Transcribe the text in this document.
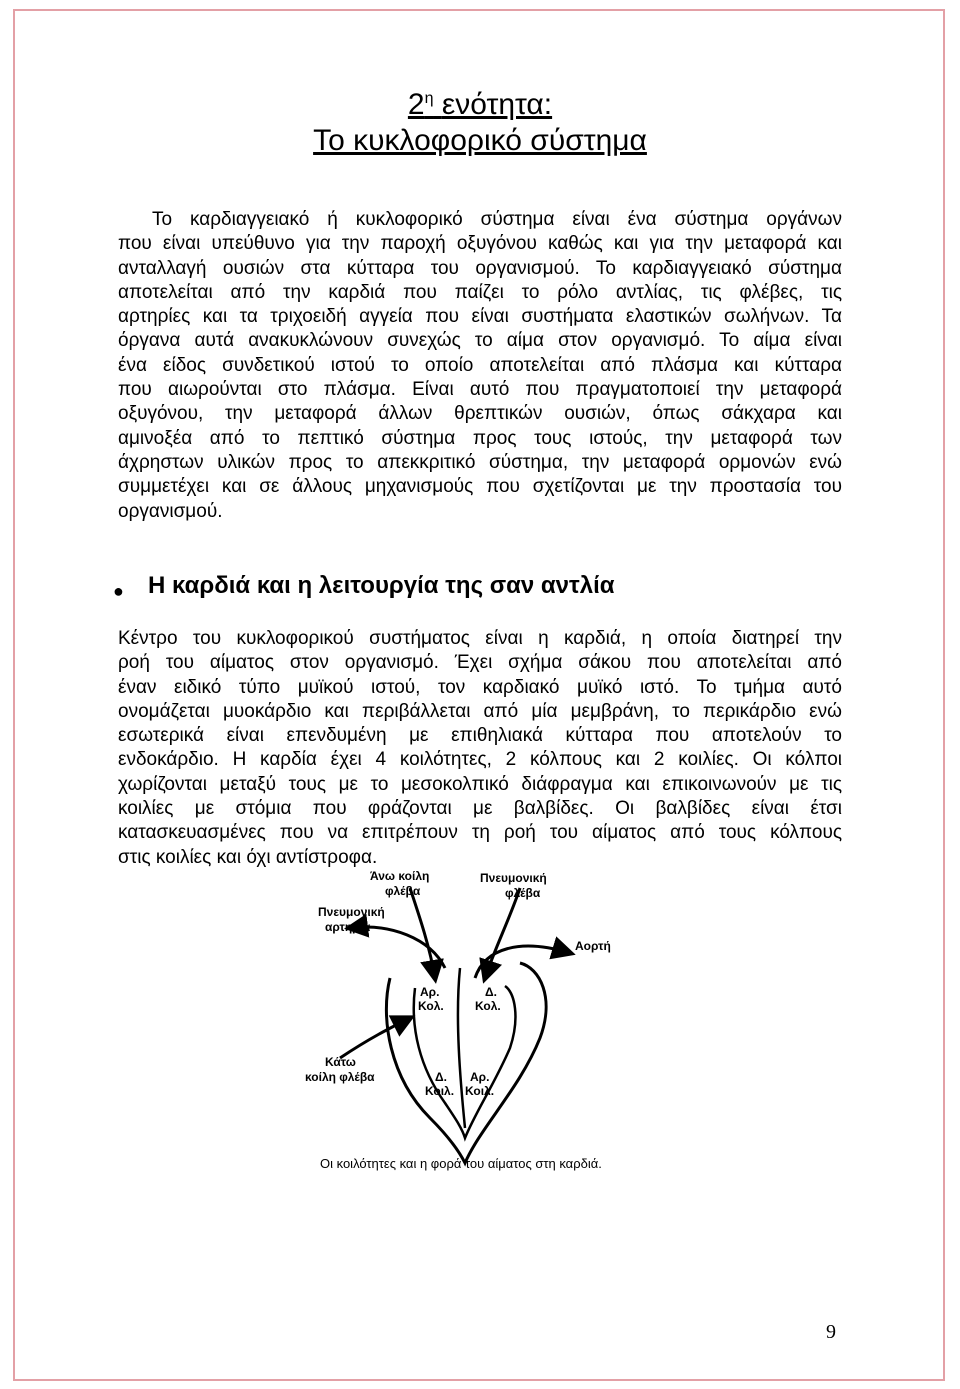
$2^\eta$ ενότητα:
Το κυκλοφορικό σύστημα
Το καρδιαγγειακό ή κυκλοφορικό σύστημα είναι ένα σύστημα οργάνων
που είναι υπεύθυνο για την παροχή οξυγόνου καθώς και για την μεταφορά και
ανταλλαγή ουσιών στα κύτταρα του οργανισμού. Το καρδιαγγειακό σύστημα
αποτελείται από την καρδιά που παίζει το ρόλο αντλίας, τις φλέβες, τις
αρτηρίες και τα τριχοειδή αγγεία που είναι συστήματα ελαστικών σωλήνων. Τα
όργανα αυτά ανακυκλώνουν συνεχώς το αίμα στον οργανισμό. Το αίμα είναι
ένα είδος συνδετικού ιστού το οποίο αποτελείται από πλάσμα και κύτταρα
που αιωρούνται στο πλάσμα. Είναι αυτό που πραγματοποιεί την μεταφορά
οξυγόνου, την μεταφορά άλλων θρεπτικών ουσιών, όπως σάκχαρα και
αμινοξέα από το πεπτικό σύστημα προς τους ιστούς, την μεταφορά των
άχρηστων υλικών προς το απεκκριτικό σύστημα, την μεταφορά ορμονών ενώ
συμμετέχει και σε άλλους μηχανισμούς που σχετίζονται με την προστασία του
οργανισμού.
● Η καρδιά και η λειτουργία της σαν αντλία
Κέντρο του κυκλοφορικού συστήματος είναι η καρδιά, η οποία διατηρεί την
ροή του αίματος στον οργανισμό. Έχει σχήμα σάκου που αποτελείται από
έναν ειδικό τύπο μυϊκού ιστού, τον καρδιακό μυϊκό ιστό. Το τμήμα αυτό
ονομάζεται μυοκάρδιο και περιβάλλεται από μία μεμβράνη, το περικάρδιο ενώ
εσωτερικά είναι επενδυμένη με επιθηλιακά κύτταρα που αποτελούν το
ενδοκάρδιο. Η καρδία έχει 4 κοιλότητες, 2 κόλπους και 2 κοιλίες. Οι κόλποι
χωρίζονται μεταξύ τους με το μεσοκολπικό διάφραγμα και επικοινωνούν με τις
κοιλίες με στόμια που φράζονται με βαλβίδες. Οι βαλβίδες είναι έτσι
κατασκευασμένες που να επιτρέπουν τη ροή του αίματος από τους κόλπους
στις κοιλίες και όχι αντίστροφα.
Άνω κοίλη
φλέβα
Πνευμονική
φλέβα
Πνευμονική
αρτηρία
Αορτή
Αρ.
Κολ.
Δ.
Κολ.
Δ.
Κοιλ.
Αρ.
Κοιλ.
Κάτω
κοίλη φλέβα
Οι κοιλότητες και η φορά του αίματος στη καρδιά.
9
